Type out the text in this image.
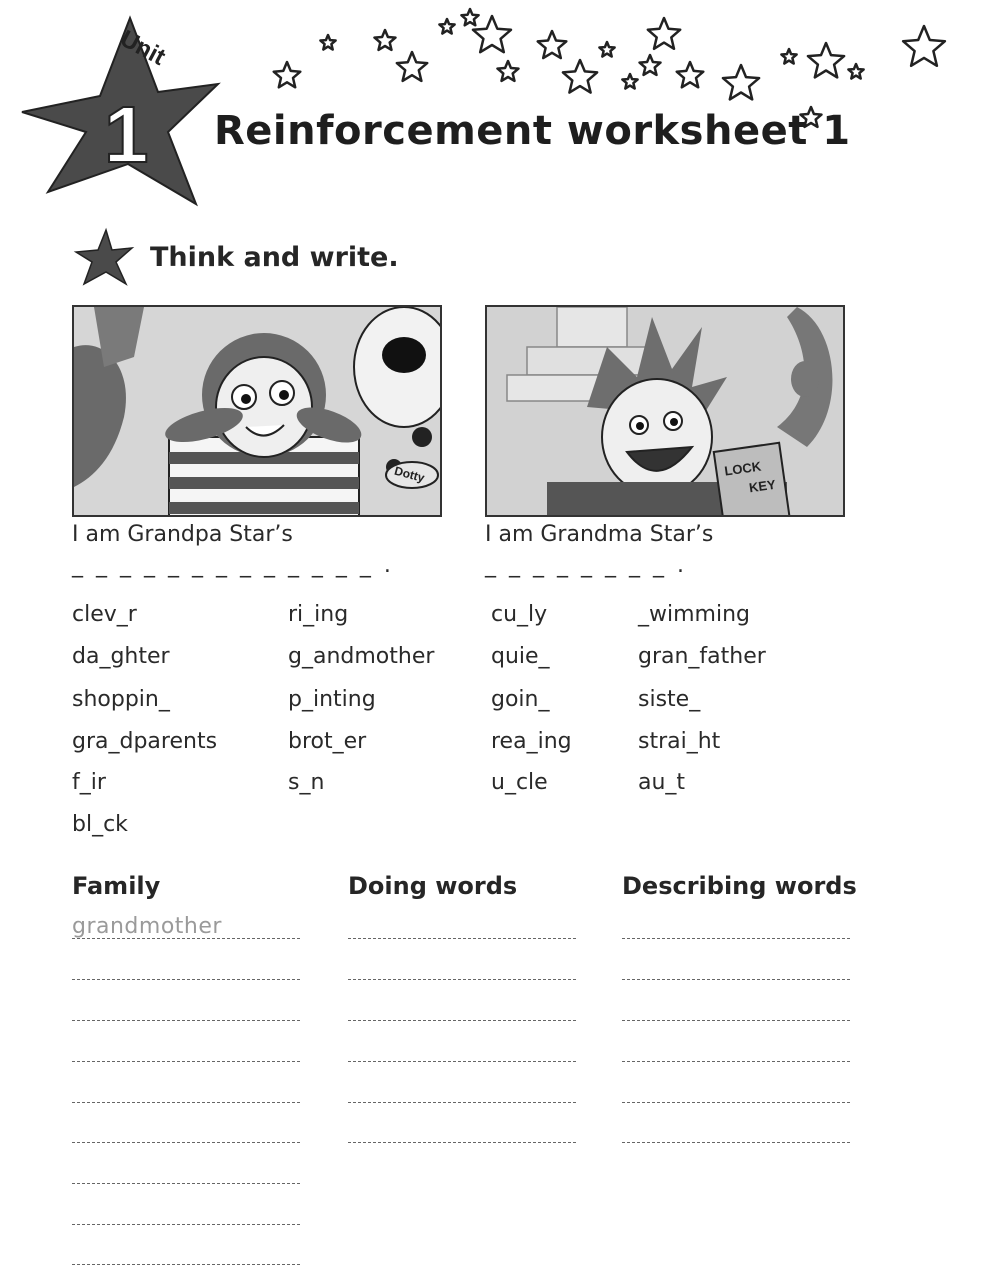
Unit
1 Reinforcement worksheet 1
Think and write.
Dotty
I am Grandpa Star’s
_ _ _ _ _ _ _ _ _ _ _ _ _ .
LOCK
KEY
I am Grandma Star’s
_ _ _ _ _ _ _ _ .
clev_r
da_ghter
shoppin_
gra_dparents
f_ir
bl_ck
ri_ing
g_andmother
p_inting
brot_er
s_n
cu_ly
quie_
goin_
rea_ing
u_cle
_wimming
gran_father
siste_
strai_ht
au_t
Family	Doing words	Describing words
grandmother
